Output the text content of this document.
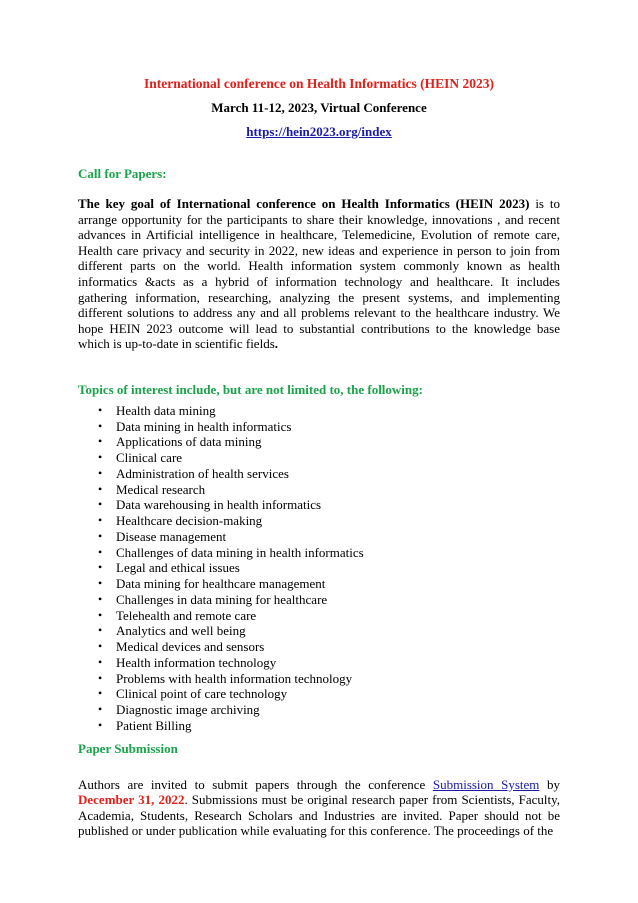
International conference on Health Informatics (HEIN 2023)

March 11-12, 2023, Virtual Conference

https://hein2023.org/index

Call for Papers:

The key goal of International conference on Health Informatics (HEIN 2023) is to arrange opportunity for the participants to share their knowledge, innovations , and recent advances in Artificial intelligence in healthcare, Telemedicine, Evolution of remote care, Health care privacy and security in 2022, new ideas and experience in person to join from different parts on the world. Health information system commonly known as health informatics &acts as a hybrid of information technology and healthcare. It includes gathering information, researching, analyzing the present systems, and implementing different solutions to address any and all problems relevant to the healthcare industry. We hope HEIN 2023 outcome will lead to substantial contributions to the knowledge base which is up-to-date in scientific fields.

Topics of interest include, but are not limited to, the following:

• Health data mining
• Data mining in health informatics
• Applications of data mining
• Clinical care
• Administration of health services
• Medical research
• Data warehousing in health informatics
• Healthcare decision-making
• Disease management
• Challenges of data mining in health informatics
• Legal and ethical issues
• Data mining for healthcare management
• Challenges in data mining for healthcare
• Telehealth and remote care
• Analytics and well being
• Medical devices and sensors
• Health information technology
• Problems with health information technology
• Clinical point of care technology
• Diagnostic image archiving
• Patient Billing

Paper Submission

Authors are invited to submit papers through the conference Submission System by December 31, 2022. Submissions must be original research paper from Scientists, Faculty, Academia, Students, Research Scholars and Industries are invited. Paper should not be published or under publication while evaluating for this conference. The proceedings of the
